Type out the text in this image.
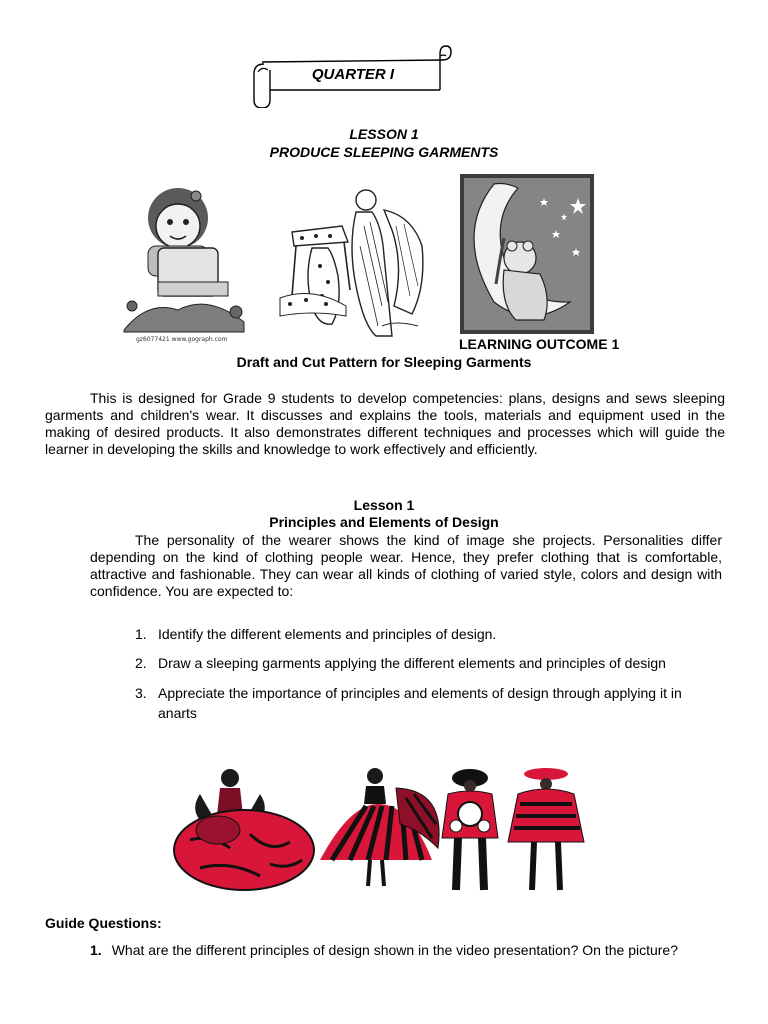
QUARTER I
LESSON 1
PRODUCE SLEEPING GARMENTS
gz6077421 www.gograph.com	LEARNING OUTCOME 1
Draft and Cut Pattern for Sleeping Garments

This is designed for Grade 9 students to develop competencies: plans, designs and sews sleeping garments and children's wear. It discusses and explains the tools, materials and equipment used in the making of desired products. It also demonstrates different techniques and processes which will guide the learner in developing the skills and knowledge to work effectively and efficiently.

Lesson 1
Principles and Elements of Design

The personality of the wearer shows the kind of image she projects. Personalities differ depending on the kind of clothing people wear. Hence, they prefer clothing that is comfortable, attractive and fashionable. They can wear all kinds of clothing of varied style, colors and design with confidence. You are expected to:

1. Identify the different elements and principles of design.
2. Draw a sleeping garments applying the different elements and principles of design
3. Appreciate the importance of principles and elements of design through applying it in anarts
Guide Questions:
1. What are the different principles of design shown in the video presentation? On the picture?
